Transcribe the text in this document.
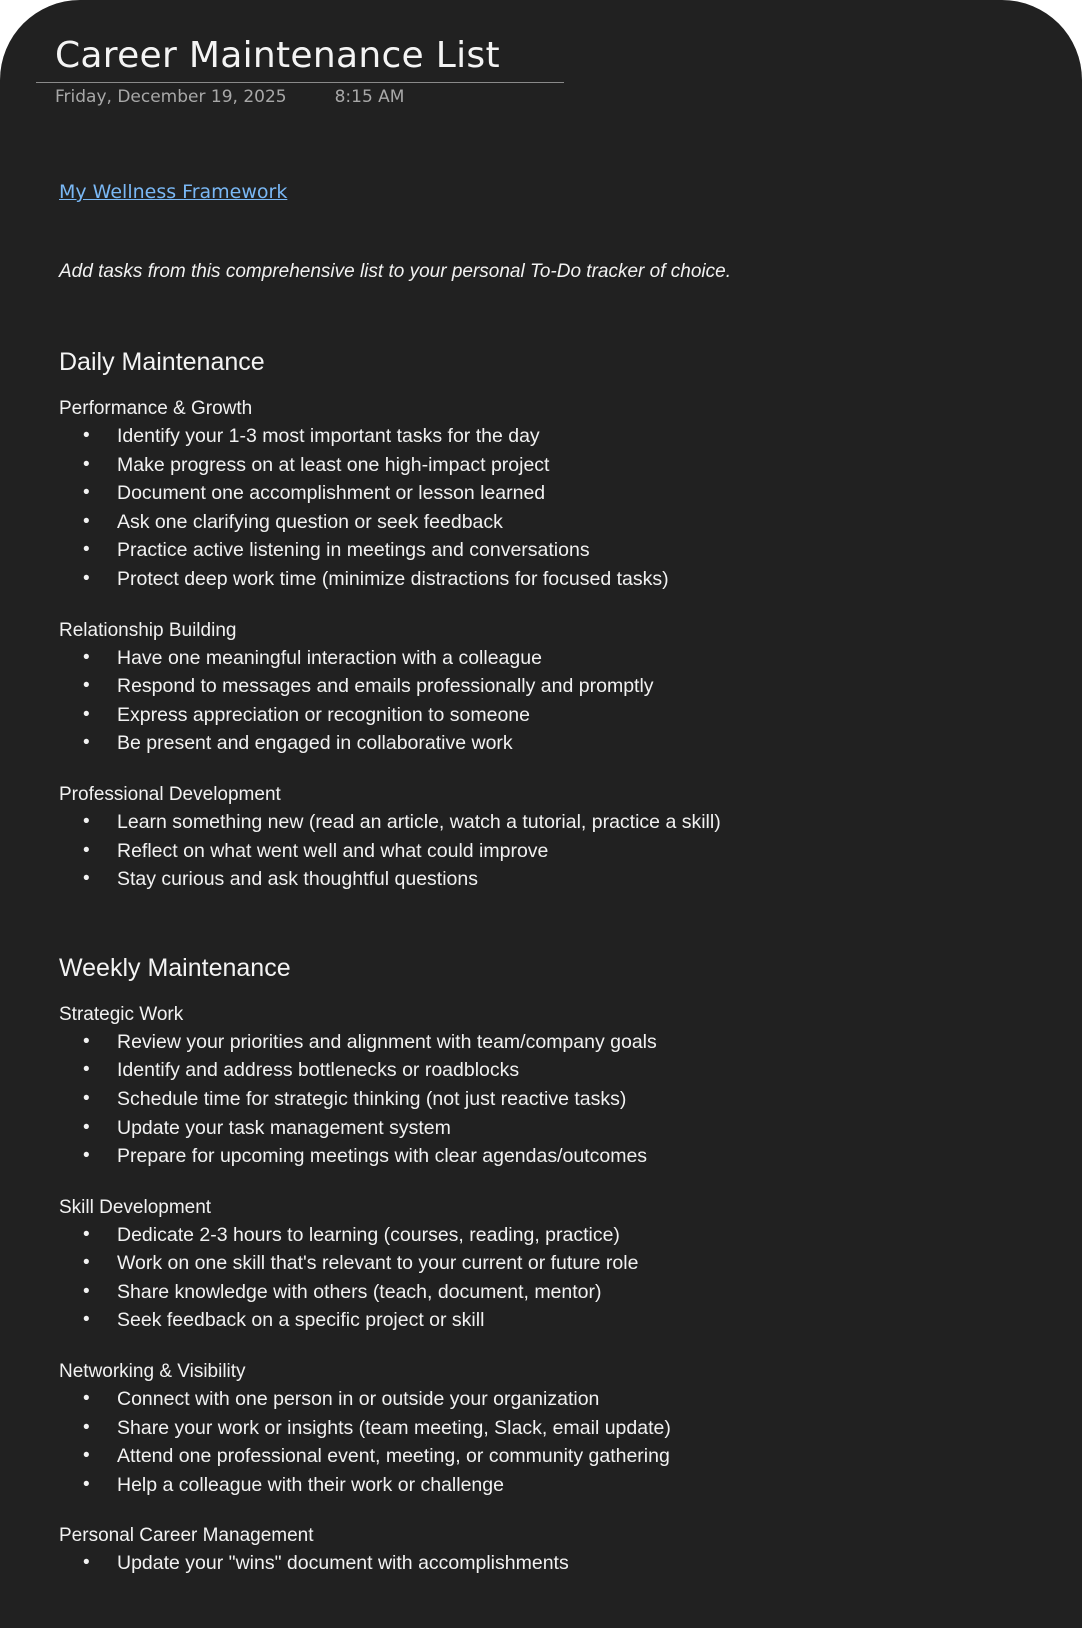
Career Maintenance List
Friday, December 19, 2025	8:15 AM
My Wellness Framework

Add tasks from this comprehensive list to your personal To-Do tracker of choice.

Daily Maintenance
Performance & Growth
• Identify your 1-3 most important tasks for the day
• Make progress on at least one high-impact project
• Document one accomplishment or lesson learned
• Ask one clarifying question or seek feedback
• Practice active listening in meetings and conversations
• Protect deep work time (minimize distractions for focused tasks)
Relationship Building
• Have one meaningful interaction with a colleague
• Respond to messages and emails professionally and promptly
• Express appreciation or recognition to someone
• Be present and engaged in collaborative work
Professional Development
• Learn something new (read an article, watch a tutorial, practice a skill)
• Reflect on what went well and what could improve
• Stay curious and ask thoughtful questions
Weekly Maintenance
Strategic Work
• Review your priorities and alignment with team/company goals
• Identify and address bottlenecks or roadblocks
• Schedule time for strategic thinking (not just reactive tasks)
• Update your task management system
• Prepare for upcoming meetings with clear agendas/outcomes
Skill Development
• Dedicate 2-3 hours to learning (courses, reading, practice)
• Work on one skill that's relevant to your current or future role
• Share knowledge with others (teach, document, mentor)
• Seek feedback on a specific project or skill
Networking & Visibility
• Connect with one person in or outside your organization
• Share your work or insights (team meeting, Slack, email update)
• Attend one professional event, meeting, or community gathering
• Help a colleague with their work or challenge
Personal Career Management
• Update your "wins" document with accomplishments
